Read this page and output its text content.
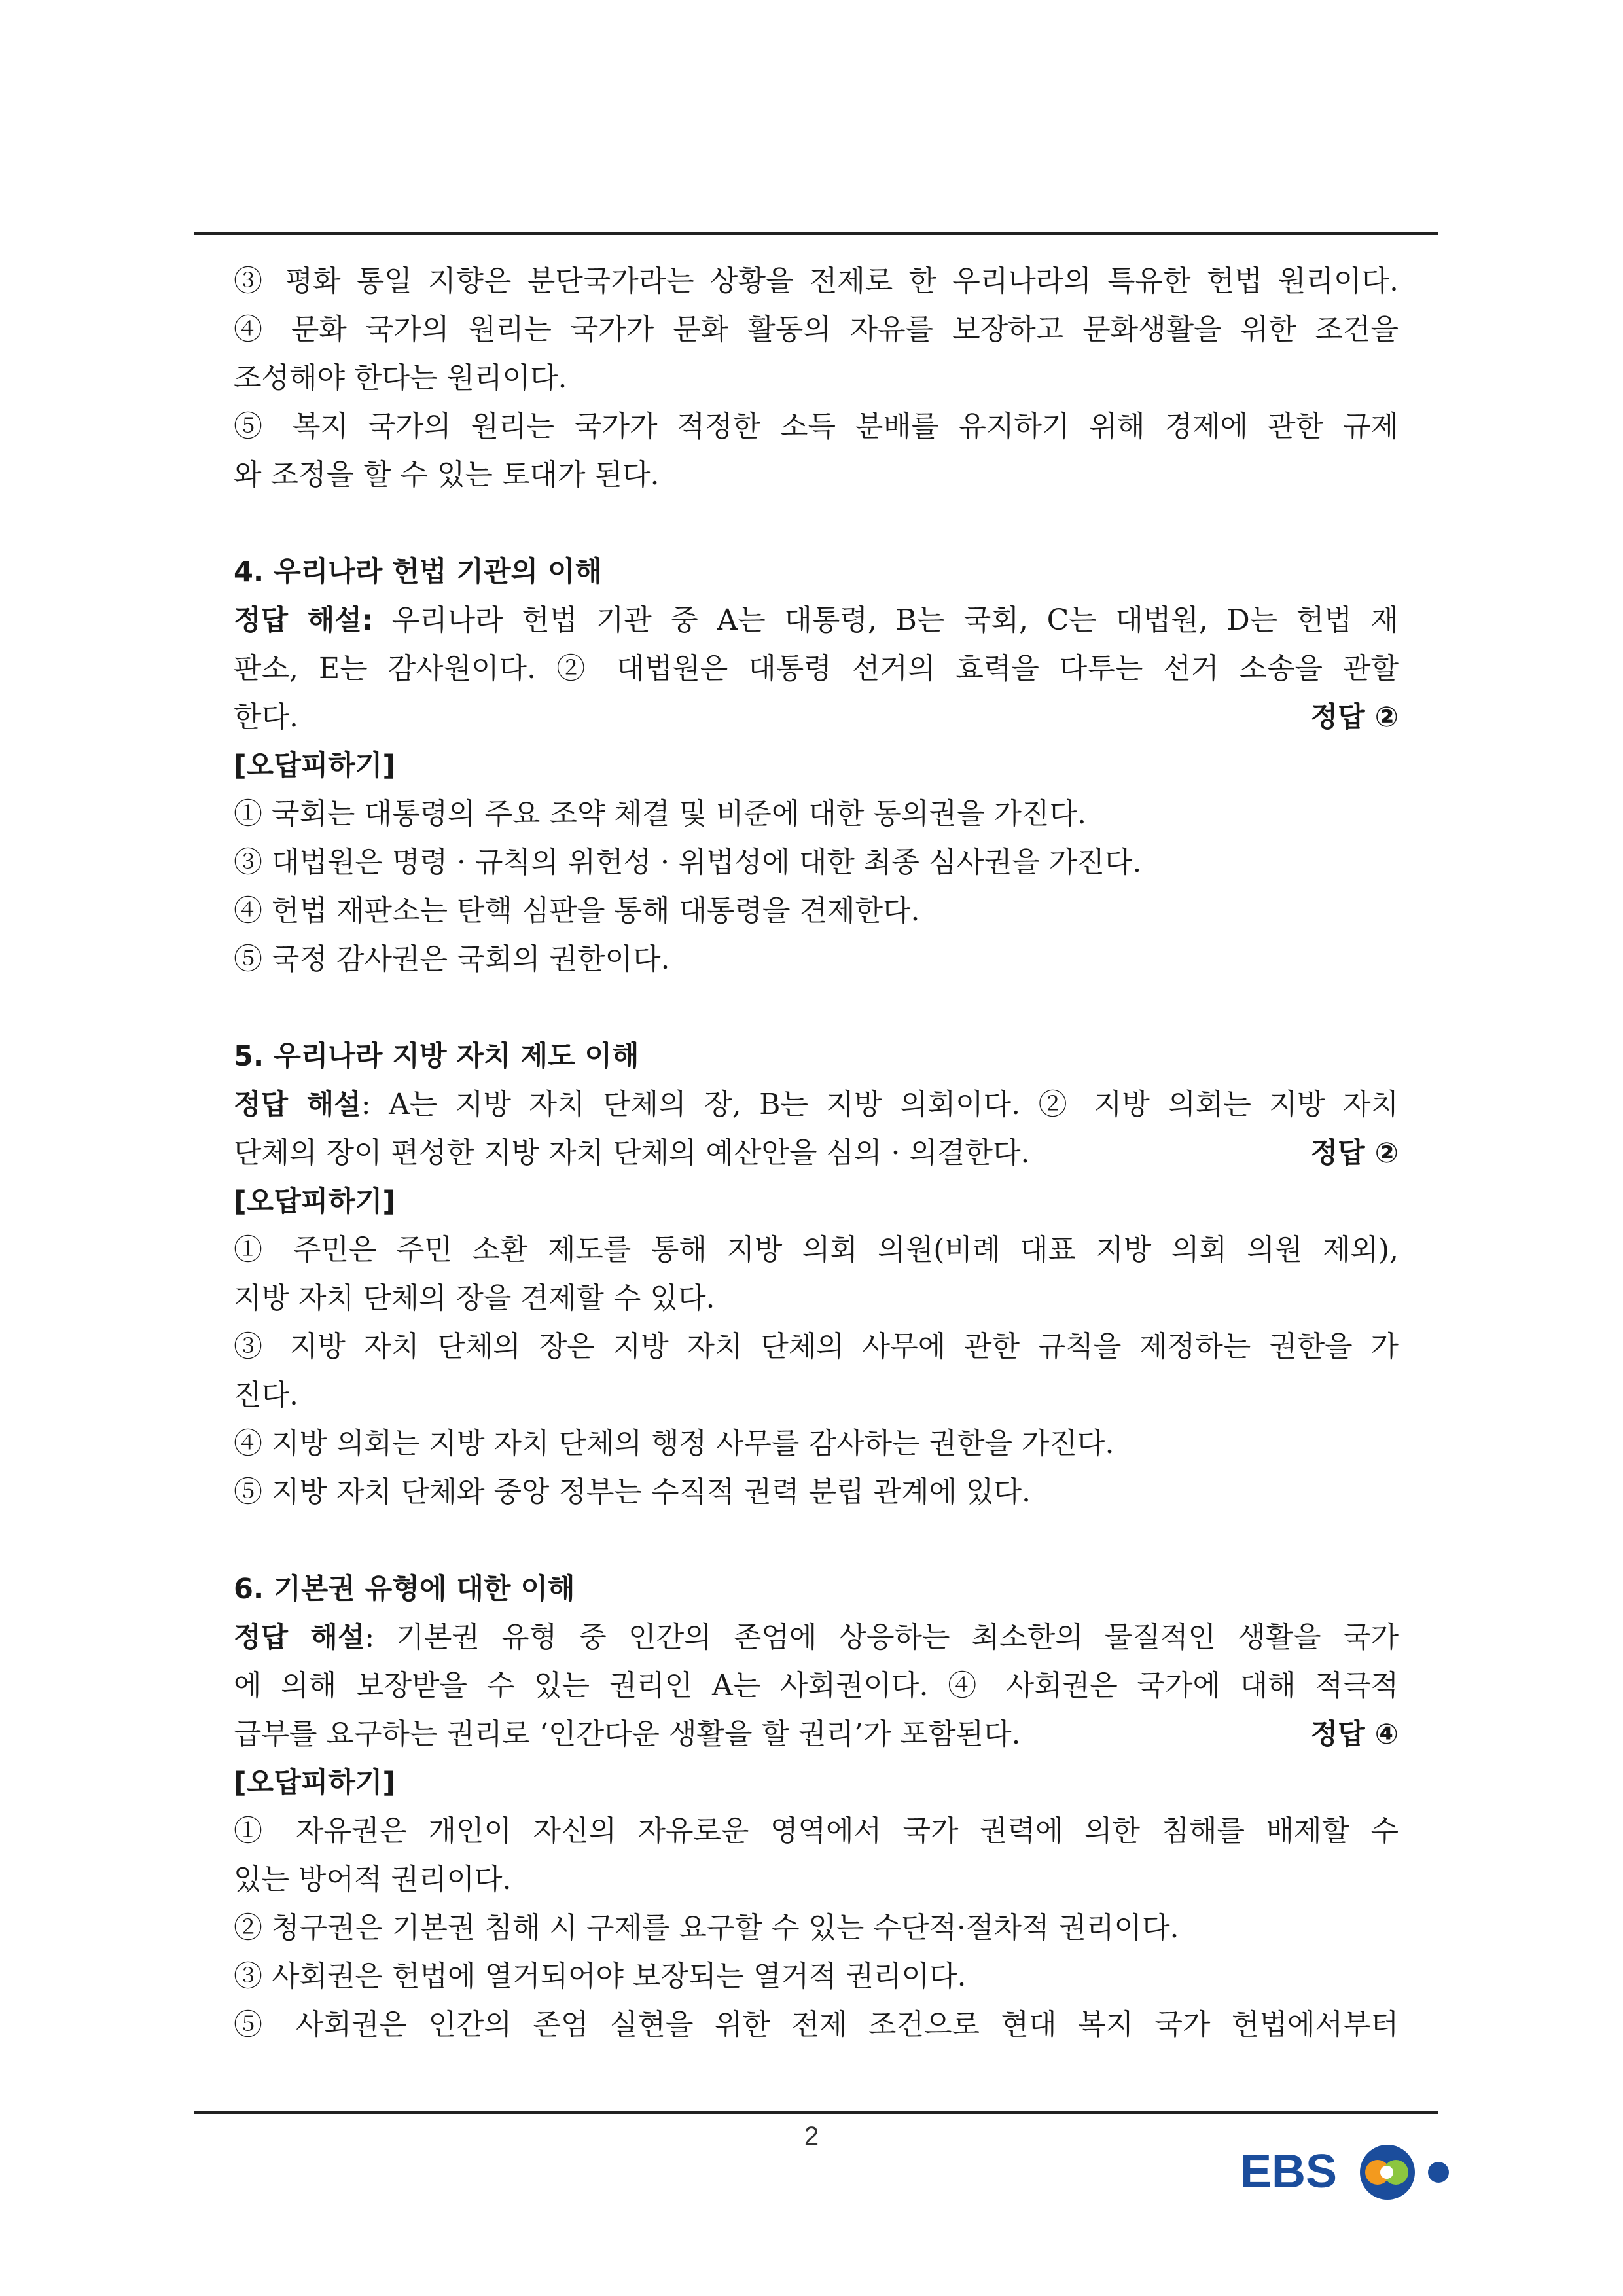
③ 평화 통일 지향은 분단국가라는 상황을 전제로 한 우리나라의 특유한 헌법 원리이다.
④ 문화 국가의 원리는 국가가 문화 활동의 자유를 보장하고 문화생활을 위한 조건을
조성해야 한다는 원리이다.
⑤ 복지 국가의 원리는 국가가 적정한 소득 분배를 유지하기 위해 경제에 관한 규제
와 조정을 할 수 있는 토대가 된다.
4. 우리나라 헌법 기관의 이해
정답 해설: 우리나라 헌법 기관 중 A는 대통령, B는 국회, C는 대법원, D는 헌법 재
판소, E는 감사원이다. ② 대법원은 대통령 선거의 효력을 다투는 선거 소송을 관할
한다.	정답 ②
[오답피하기]
① 국회는 대통령의 주요 조약 체결 및 비준에 대한 동의권을 가진다.
③ 대법원은 명령 · 규칙의 위헌성 · 위법성에 대한 최종 심사권을 가진다.
④ 헌법 재판소는 탄핵 심판을 통해 대통령을 견제한다.
⑤ 국정 감사권은 국회의 권한이다.
5. 우리나라 지방 자치 제도 이해
정답 해설: A는 지방 자치 단체의 장, B는 지방 의회이다. ② 지방 의회는 지방 자치
단체의 장이 편성한 지방 자치 단체의 예산안을 심의 · 의결한다.	정답 ②
[오답피하기]
① 주민은 주민 소환 제도를 통해 지방 의회 의원(비례 대표 지방 의회 의원 제외),
지방 자치 단체의 장을 견제할 수 있다.
③ 지방 자치 단체의 장은 지방 자치 단체의 사무에 관한 규칙을 제정하는 권한을 가
진다.
④ 지방 의회는 지방 자치 단체의 행정 사무를 감사하는 권한을 가진다.
⑤ 지방 자치 단체와 중앙 정부는 수직적 권력 분립 관계에 있다.
6. 기본권 유형에 대한 이해
정답 해설: 기본권 유형 중 인간의 존엄에 상응하는 최소한의 물질적인 생활을 국가
에 의해 보장받을 수 있는 권리인 A는 사회권이다. ④ 사회권은 국가에 대해 적극적
급부를 요구하는 권리로 ‘인간다운 생활을 할 권리’가 포함된다.	정답 ④
[오답피하기]
① 자유권은 개인이 자신의 자유로운 영역에서 국가 권력에 의한 침해를 배제할 수
있는 방어적 권리이다.
② 청구권은 기본권 침해 시 구제를 요구할 수 있는 수단적·절차적 권리이다.
③ 사회권은 헌법에 열거되어야 보장되는 열거적 권리이다.
⑤ 사회권은 인간의 존엄 실현을 위한 전제 조건으로 현대 복지 국가 헌법에서부터
2
EBS
